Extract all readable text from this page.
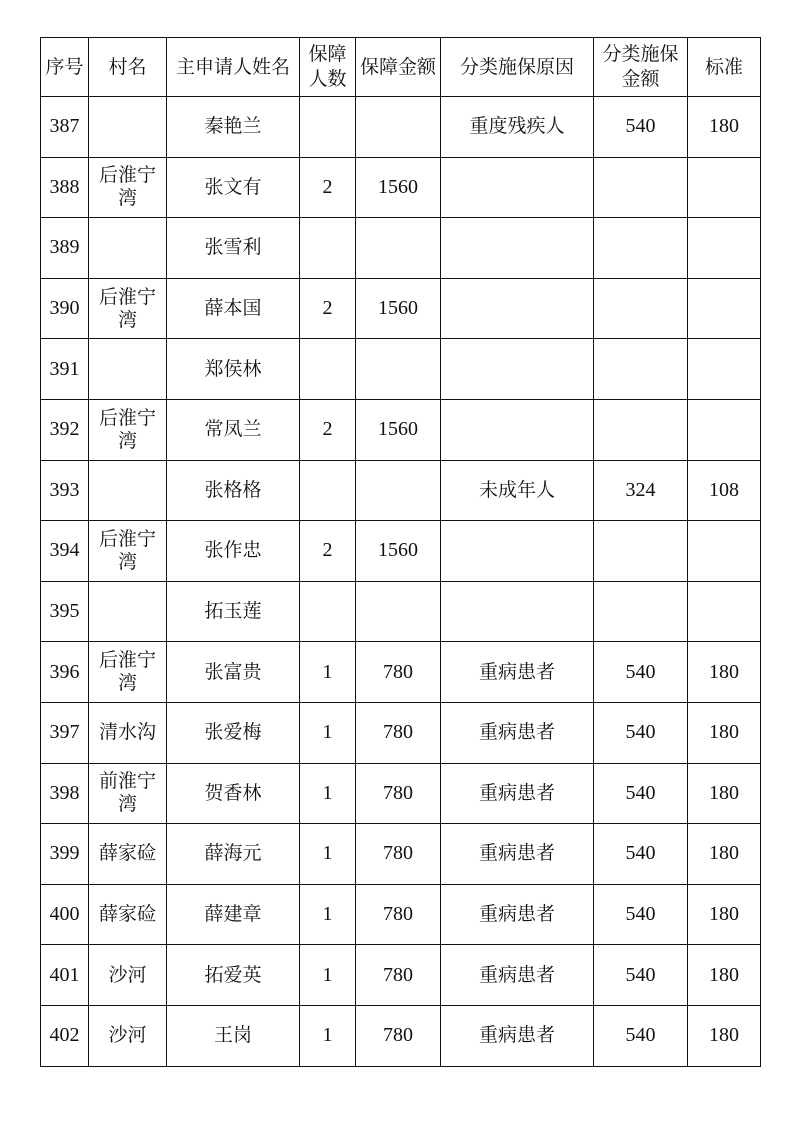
序号	村名	主申请人姓名	保障人数	保障金额	分类施保原因	分类施保金额	标准
387		秦艳兰			重度残疾人	540	180
388	后淮宁湾	张文有	2	1560			
389		张雪利					
390	后淮宁湾	薛本国	2	1560			
391		郑侯林					
392	后淮宁湾	常凤兰	2	1560			
393		张格格			未成年人	324	108
394	后淮宁湾	张作忠	2	1560			
395		拓玉莲					
396	后淮宁湾	张富贵	1	780	重病患者	540	180
397	清水沟	张爱梅	1	780	重病患者	540	180
398	前淮宁湾	贺香林	1	780	重病患者	540	180
399	薛家硷	薛海元	1	780	重病患者	540	180
400	薛家硷	薛建章	1	780	重病患者	540	180
401	沙河	拓爱英	1	780	重病患者	540	180
402	沙河	王岗	1	780	重病患者	540	180
